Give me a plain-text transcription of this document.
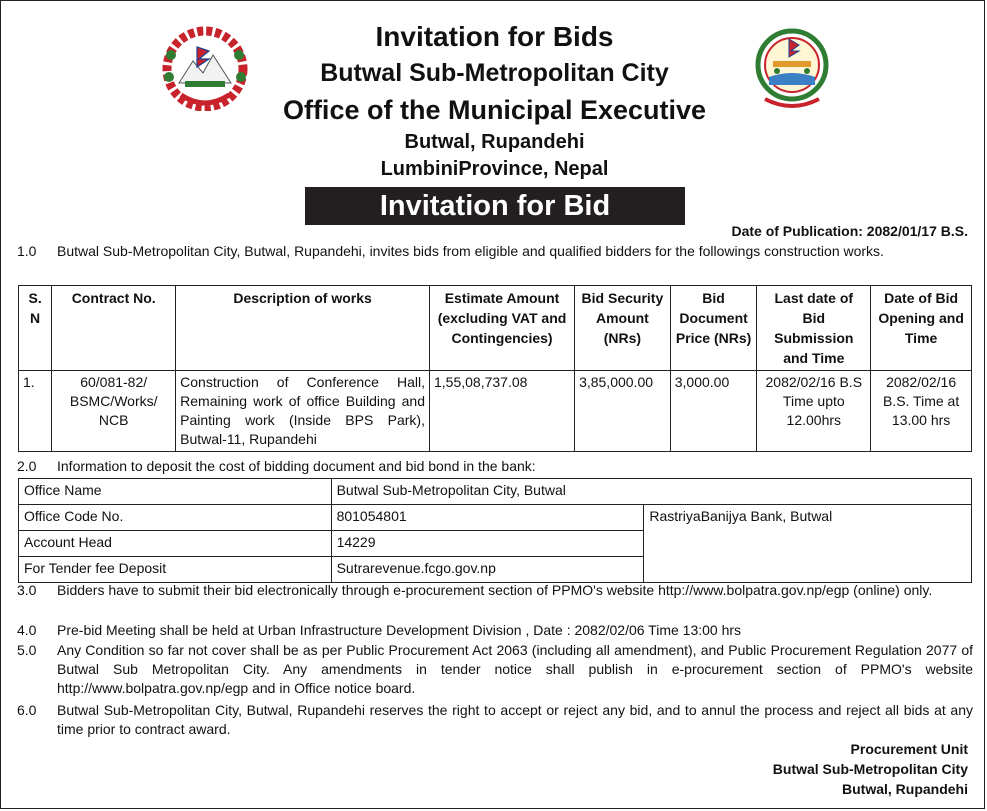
Invitation for Bids
Butwal Sub-Metropolitan City
Office of the Municipal Executive
Butwal, Rupandehi
LumbiniProvince, Nepal
Invitation for Bid
Date of Publication: 2082/01/17 B.S.
1.0	Butwal Sub-Metropolitan City, Butwal, Rupandehi, invites bids from eligible and qualified bidders for the followings construction works.
S. N	Contract No.	Description of works	Estimate Amount (excluding VAT and Contingencies)	Bid Security Amount (NRs)	Bid Document Price (NRs)	Last date of Bid Submission and Time	Date of Bid Opening and Time
1.	60/081-82/ BSMC/Works/ NCB	Construction of Conference Hall, Remaining work of office Building and Painting work (Inside BPS Park), Butwal-11, Rupandehi	1,55,08,737.08	3,85,000.00	3,000.00	2082/02/16 B.S Time upto 12.00hrs	2082/02/16 B.S. Time at 13.00 hrs
2.0	Information to deposit the cost of bidding document and bid bond in the bank:
Office Name	Butwal Sub-Metropolitan City, Butwal	
Office Code No.	801054801	RastriyaBanijya Bank, Butwal
Account Head	14229	
For Tender fee Deposit	Sutrarevenue.fcgo.gov.np	
3.0	Bidders have to submit their bid electronically through e-procurement section of PPMO's website http://www.bolpatra.gov.np/egp (online) only.
4.0	Pre-bid Meeting shall be held at Urban Infrastructure Development Division , Date : 2082/02/06 Time 13:00 hrs
5.0	Any Condition so far not cover shall be as per Public Procurement Act 2063 (including all amendment), and Public Procurement Regulation 2077 of Butwal Sub Metropolitan City. Any amendments in tender notice shall publish in e-procurement section of PPMO's website http://www.bolpatra.gov.np/egp and in Office notice board.
6.0	Butwal Sub-Metropolitan City, Butwal, Rupandehi reserves the right to accept or reject any bid, and to annul the process and reject all bids at any time prior to contract award.
Procurement Unit
Butwal Sub-Metropolitan City
Butwal, Rupandehi
